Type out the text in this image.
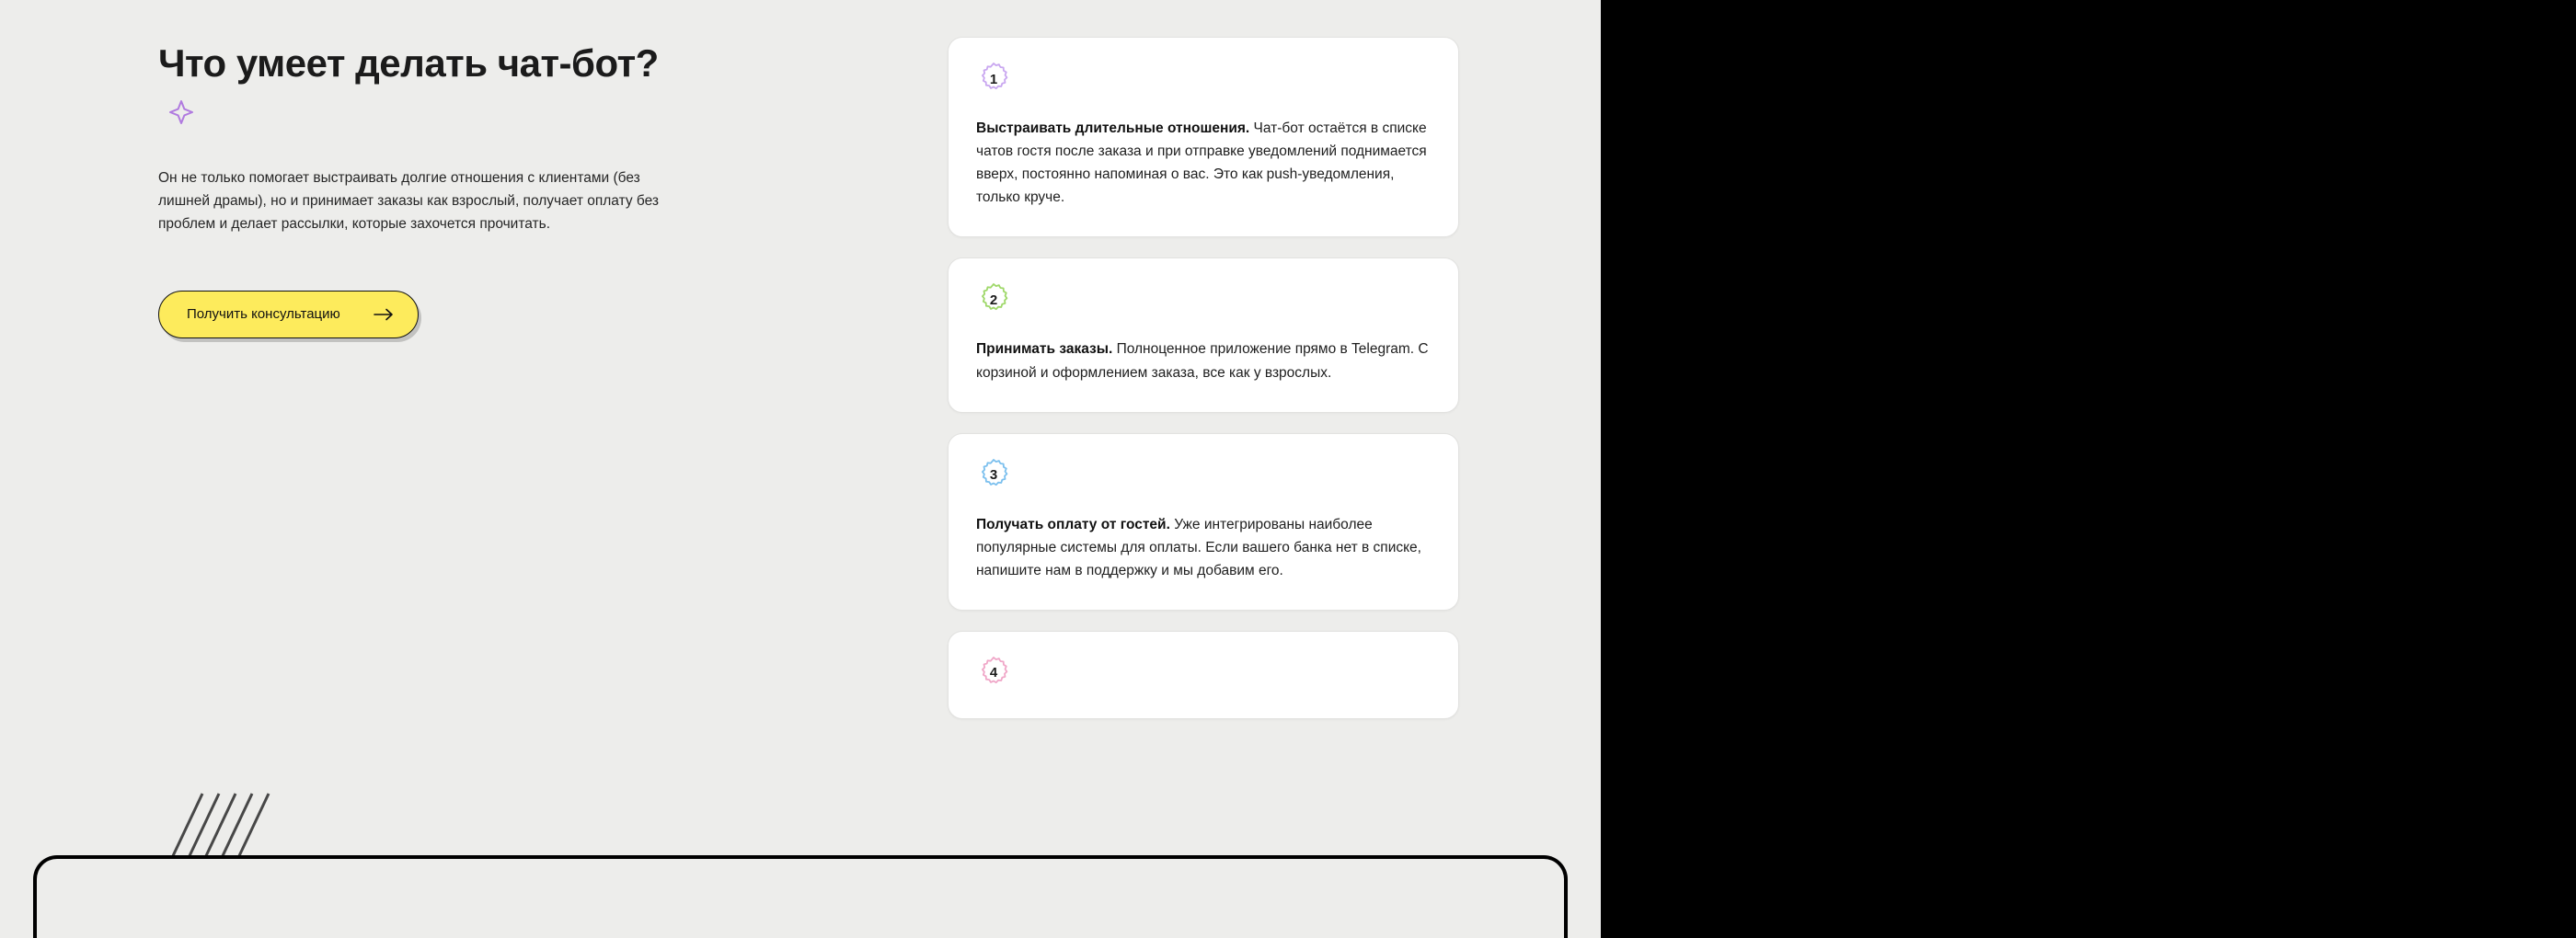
Что умеет делать чат-бот?

Он не только помогает выстраивать долгие отношения с клиентами (без лишней драмы), но и принимает заказы как взрослый, получает оплату без проблем и делает рассылки, которые захочется прочитать.

Получить консультацию
1

Выстраивать длительные отношения. Чат-бот остаётся в списке чатов гостя после заказа и при отправке уведомлений поднимается вверх, постоянно напоминая о вас. Это как push-уведомления, только круче.

2

Принимать заказы. Полноценное приложение прямо в Telegram. С корзиной и оформлением заказа, все как у взрослых.

3

Получать оплату от гостей. Уже интегрированы наиболее популярные системы для оплаты. Если вашего банка нет в списке, напишите нам в поддержку и мы добавим его.

4
